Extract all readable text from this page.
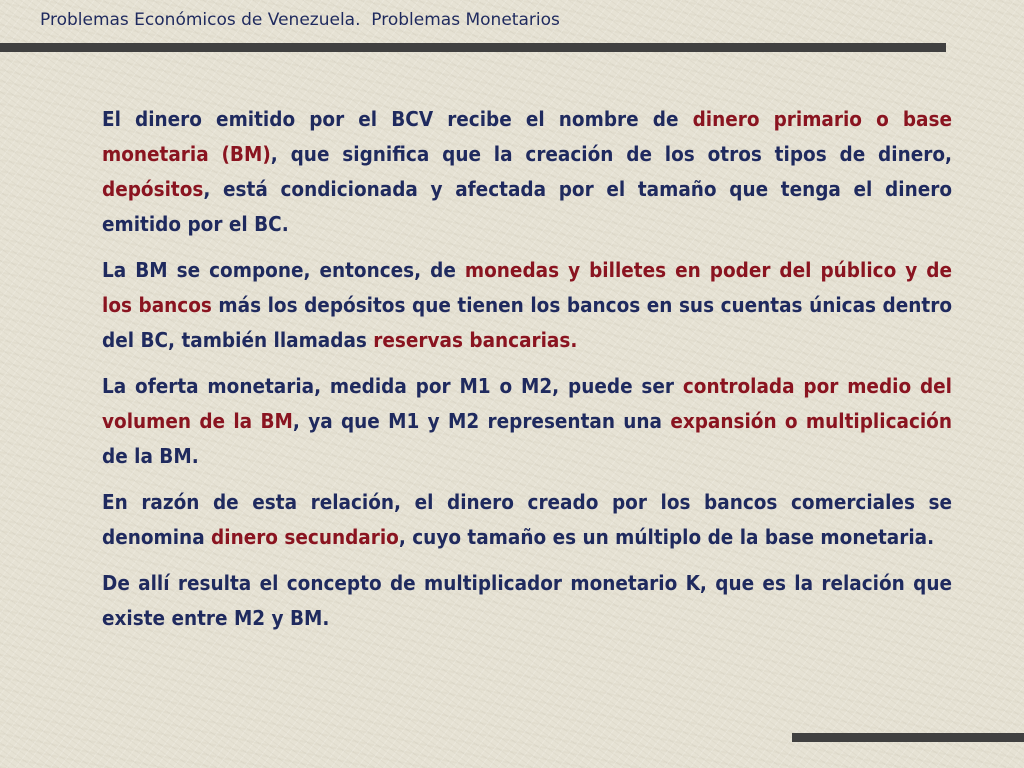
Problemas Económicos de Venezuela.  Problemas Monetarios

El dinero emitido por el BCV recibe el nombre de dinero primario o base monetaria (BM), que significa que la creación de los otros tipos de dinero, depósitos, está condicionada y afectada por el tamaño que tenga el dinero emitido por el BC.

La BM se compone, entonces, de monedas y billetes en poder del público y de los bancos más los depósitos que tienen los bancos en sus cuentas únicas dentro del BC, también llamadas reservas bancarias.

La oferta monetaria, medida por M1 o M2, puede ser controlada por medio del volumen de la BM, ya que M1 y M2 representan una expansión o multiplicación de la BM.

En razón de esta relación, el dinero creado por los bancos comerciales se denomina dinero secundario, cuyo tamaño es un múltiplo de la base monetaria.

De allí resulta el concepto de multiplicador monetario K, que es la relación que existe entre M2 y BM.
